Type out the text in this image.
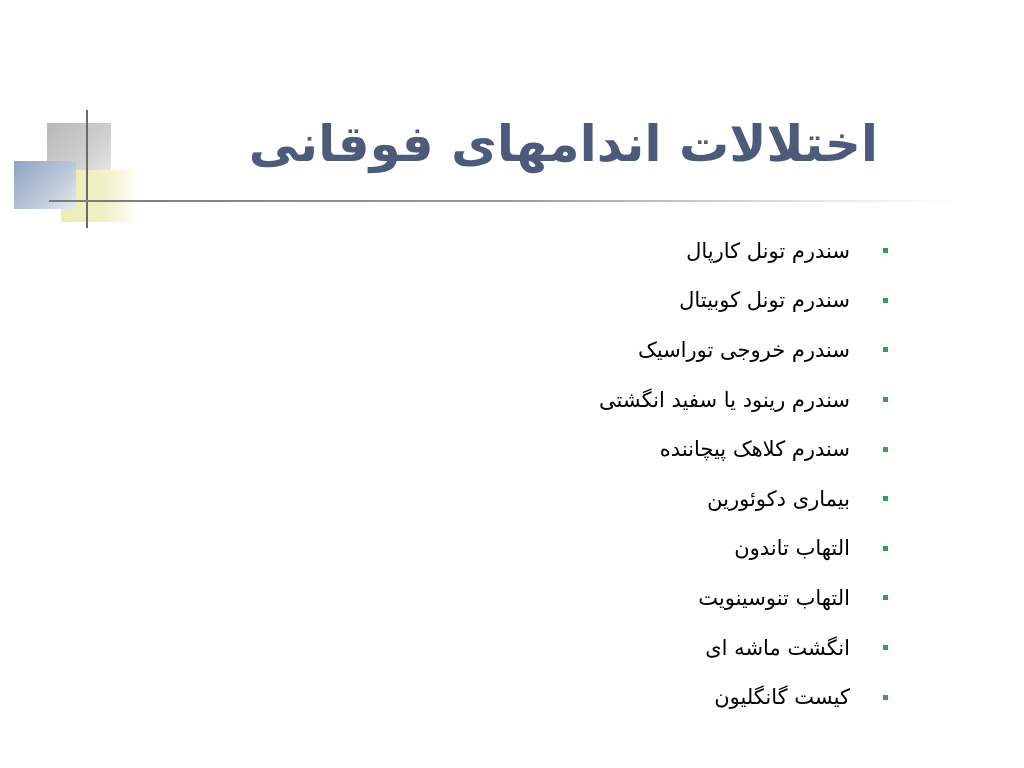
اختلالات اندامهای فوقانی
سندرم تونل کارپال
سندرم تونل کوبیتال
سندرم خروجی توراسیک
سندرم رینود یا سفید انگشتی
سندرم کلاهک پیچاننده
بیماری دکوئورین
التهاب تاندون
التهاب تنوسینویت
انگشت ماشه ای
کیست گانگلیون
